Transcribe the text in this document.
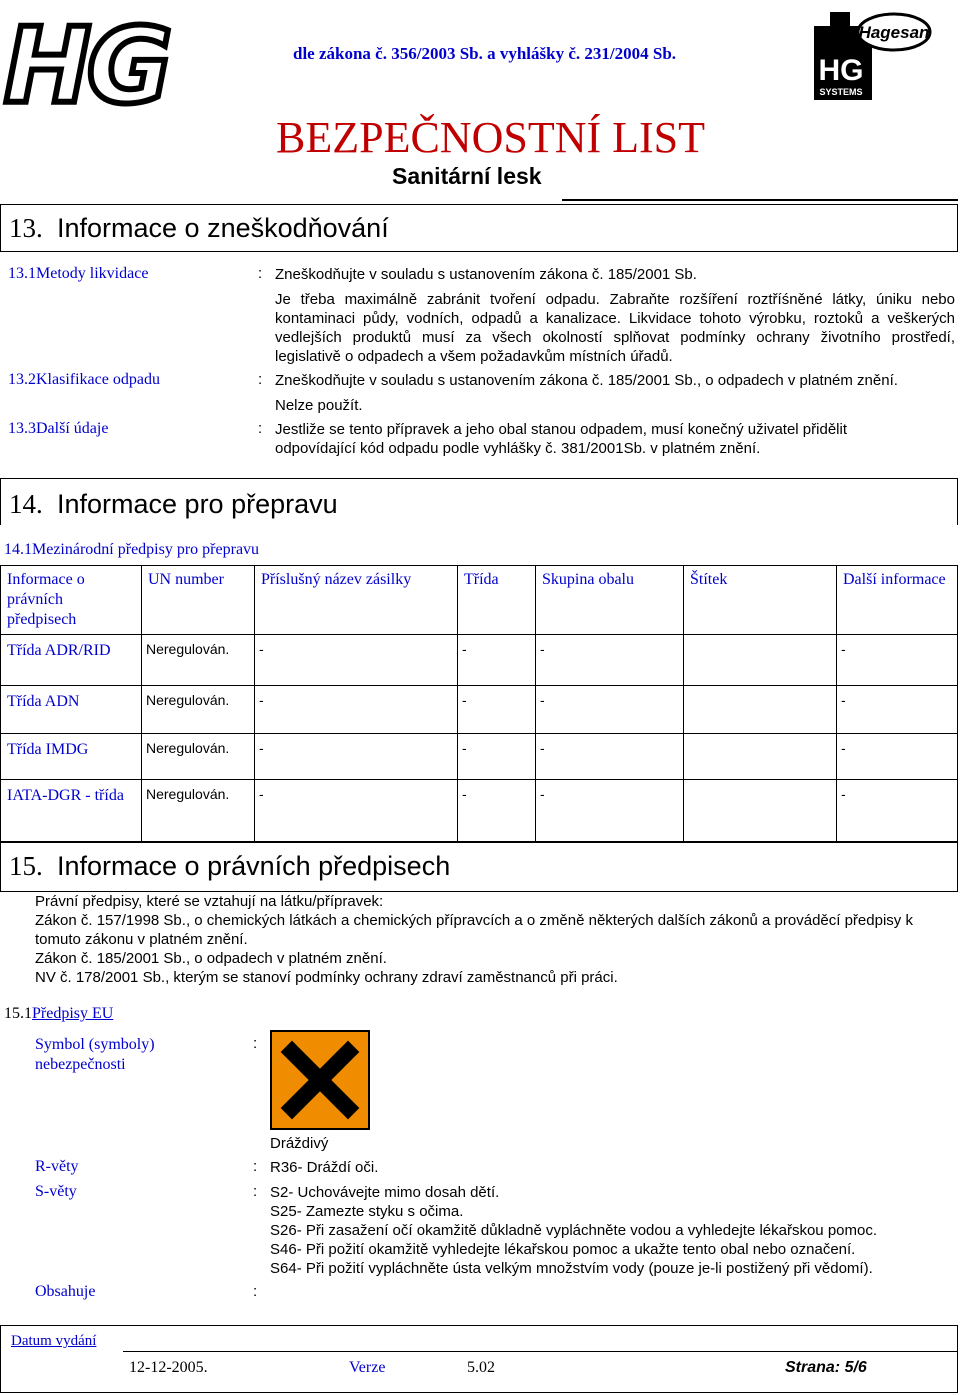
HG	dle zákona č. 356/2003 Sb. a vyhlášky č. 231/2004 Sb.
Hagesan
HG
SYSTEMS
BEZPEČNOSTNÍ LIST
Sanitární lesk
13. Informace o zneškodňování
13.1Metody likvidace	: Zneškodňujte v souladu s ustanovením zákona č. 185/2001 Sb.
Je třeba maximálně zabránit tvoření odpadu. Zabraňte rozšíření roztříśněné látky, úniku nebo kontaminaci půdy, vodních, odpadů a kanalizace. Likvidace tohoto výrobku, roztoků a veškerých vedlejších produktů musí za všech okolností splňovat podmínky ochrany životního prostředí, legislativě o odpadech a všem požadavkům místních úřadů.
13.2Klasifikace odpadu	: Zneškodňujte v souladu s ustanovením zákona č. 185/2001 Sb., o odpadech v platném znění.
Nelze použít.
13.3Další údaje	: Jestliže se tento přípravek a jeho obal stanou odpadem, musí konečný uživatel přidělit odpovídající kód odpadu podle vyhlášky č. 381/2001Sb. v platném znění.
14. Informace pro přepravu
14.1Mezinárodní předpisy pro přepravu
Informace o právních předpisech	UN number	Příslušný název zásilky	Třída	Skupina obalu	Štítek	Další informace
Třída ADR/RID	Neregulován.	-	-	-		-
Třída ADN	Neregulován.	-	-	-		-
Třída IMDG	Neregulován.	-	-	-		-
IATA-DGR - třída	Neregulován.	-	-	-		-
15. Informace o právních předpisech
Právní předpisy, které se vztahují na látku/přípravek:
Zákon č. 157/1998 Sb., o chemických látkách a chemických přípravcích a o změně některých dalších zákonů a prováděcí předpisy k tomuto zákonu v platném znění.
Zákon č. 185/2001 Sb., o odpadech v platném znění.
NV č. 178/2001 Sb., kterým se stanoví podmínky ochrany zdraví zaměstnanců při práci.
15.1Předpisy EU
Symbol (symboly) nebezpečnosti
:
Dráždivý
R-věty	: R36- Dráždí oči.
S-věty	: S2- Uchovávejte mimo dosah dětí.
S25- Zamezte styku s očima.
S26- Při zasažení očí okamžitě důkladně vypláchněte vodou a vyhledejte lékařskou pomoc.
S46- Při požití okamžitě vyhledejte lékařskou pomoc a ukažte tento obal nebo označení.
S64- Při požití vypláchněte ústa velkým množstvím vody (pouze je-li postižený při vědomí).
Obsahuje	:
Datum vydání
12-12-2005.	Verze	5.02	Strana: 5/6
